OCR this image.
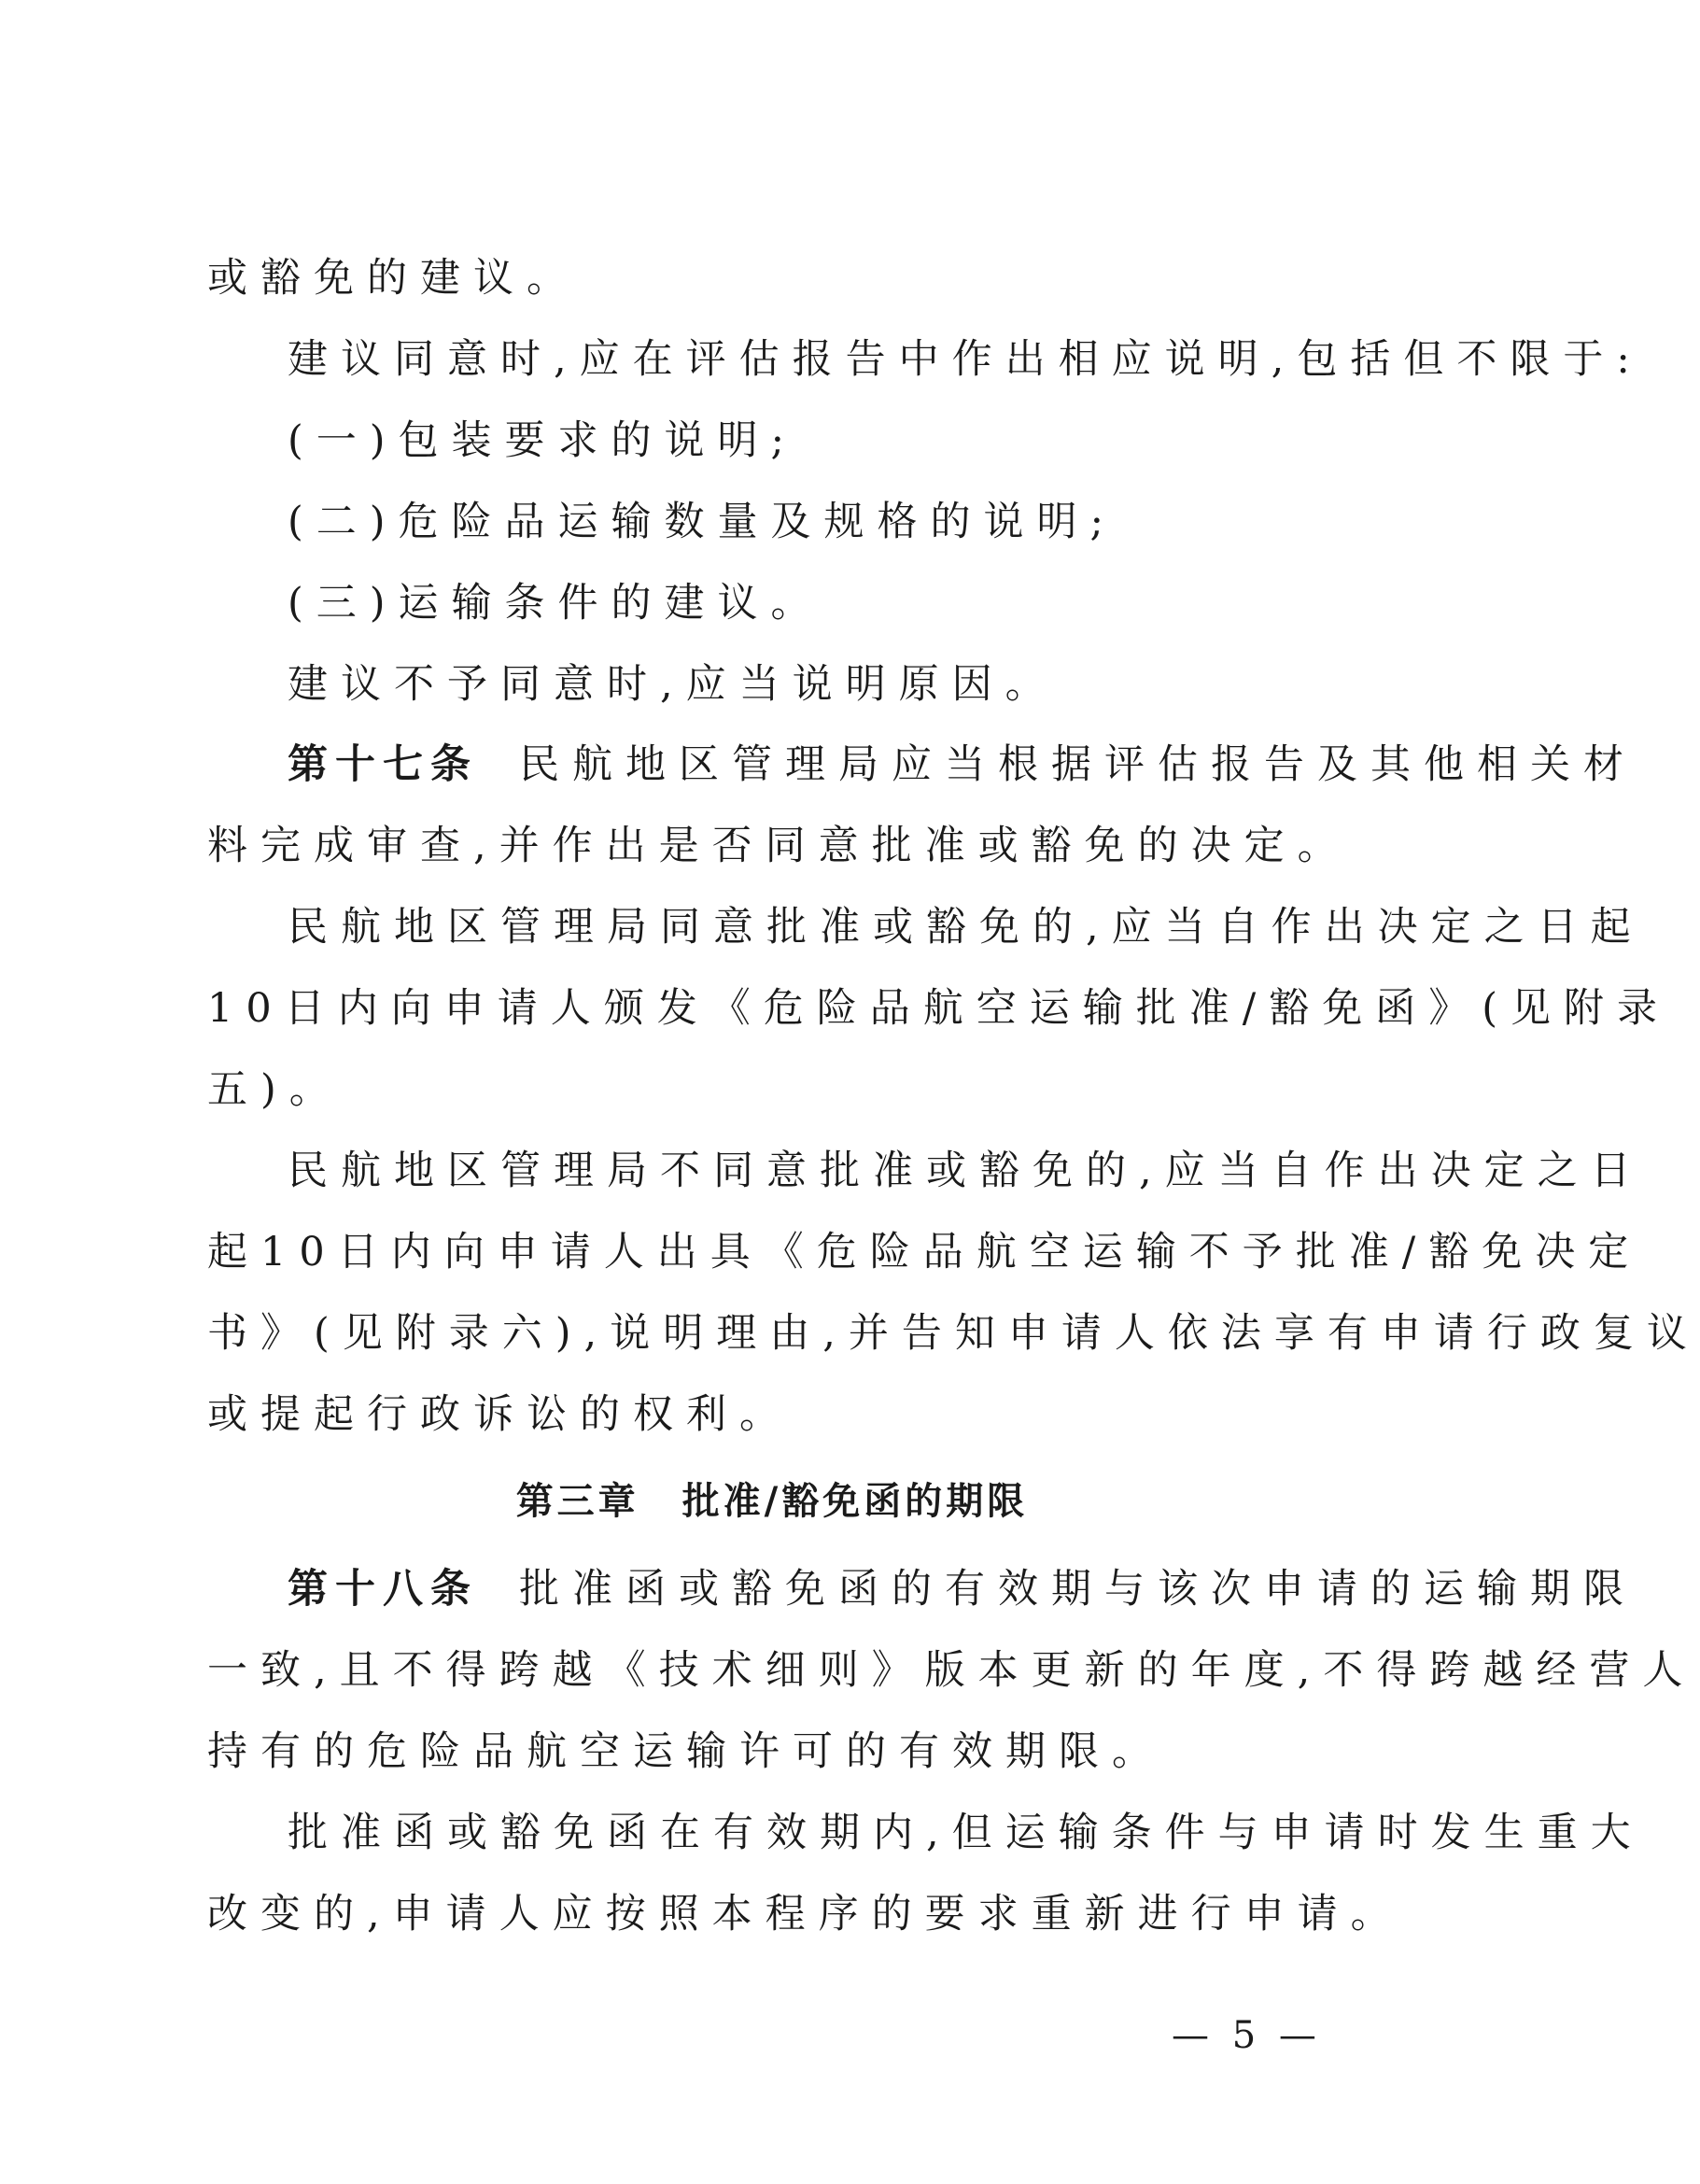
或豁免的建议。
建议同意时,应在评估报告中作出相应说明,包括但不限于:
(一)包装要求的说明;
(二)危险品运输数量及规格的说明;
(三)运输条件的建议。
建议不予同意时,应当说明原因。
第十七条 民航地区管理局应当根据评估报告及其他相关材
料完成审查,并作出是否同意批准或豁免的决定。
民航地区管理局同意批准或豁免的,应当自作出决定之日起
10日内向申请人颁发《危险品航空运输批准/豁免函》(见附录
五)。
民航地区管理局不同意批准或豁免的,应当自作出决定之日
起10日内向申请人出具《危险品航空运输不予批准/豁免决定
书》(见附录六),说明理由,并告知申请人依法享有申请行政复议
或提起行政诉讼的权利。
第三章 批准/豁免函的期限
第十八条 批准函或豁免函的有效期与该次申请的运输期限
一致,且不得跨越《技术细则》版本更新的年度,不得跨越经营人
持有的危险品航空运输许可的有效期限。
批准函或豁免函在有效期内,但运输条件与申请时发生重大
改变的,申请人应按照本程序的要求重新进行申请。
— 5 —
